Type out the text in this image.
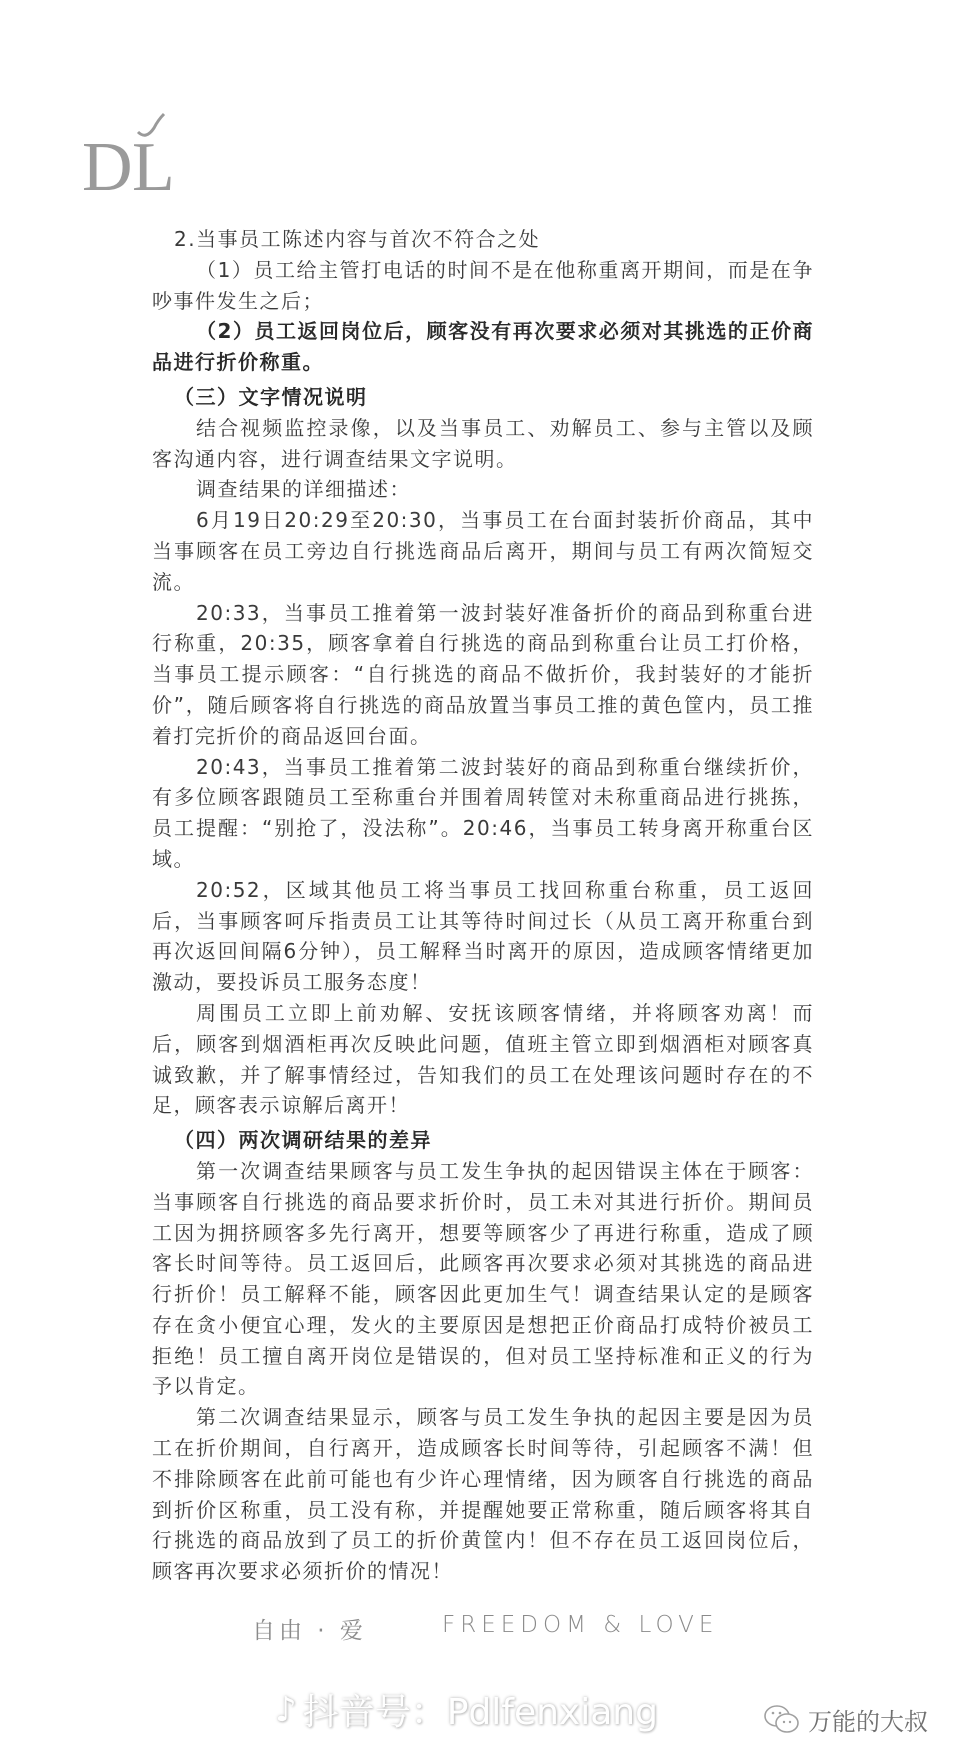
D L

2.当事员工陈述内容与首次不符合之处

（1）员工给主管打电话的时间不是在他称重离开期间，而是在争吵事件发生之后；

（2）员工返回岗位后，顾客没有再次要求必须对其挑选的正价商品进行折价称重。

（三）文字情况说明

结合视频监控录像，以及当事员工、劝解员工、参与主管以及顾客沟通内容，进行调查结果文字说明。

调查结果的详细描述：

6月19日20:29至20:30，当事员工在台面封装折价商品，其中当事顾客在员工旁边自行挑选商品后离开，期间与员工有两次简短交流。

20:33，当事员工推着第一波封装好准备折价的商品到称重台进行称重，20:35，顾客拿着自行挑选的商品到称重台让员工打价格，当事员工提示顾客：“自行挑选的商品不做折价，我封装好的才能折价”，随后顾客将自行挑选的商品放置当事员工推的黄色筐内，员工推着打完折价的商品返回台面。

20:43，当事员工推着第二波封装好的商品到称重台继续折价，有多位顾客跟随员工至称重台并围着周转筐对未称重商品进行挑拣，员工提醒：“别抢了，没法称”。20:46，当事员工转身离开称重台区域。

20:52，区域其他员工将当事员工找回称重台称重，员工返回后，当事顾客呵斥指责员工让其等待时间过长（从员工离开称重台到再次返回间隔6分钟），员工解释当时离开的原因，造成顾客情绪更加激动，要投诉员工服务态度！

周围员工立即上前劝解、安抚该顾客情绪，并将顾客劝离！而后，顾客到烟酒柜再次反映此问题，值班主管立即到烟酒柜对顾客真诚致歉，并了解事情经过，告知我们的员工在处理该问题时存在的不足，顾客表示谅解后离开！

（四）两次调研结果的差异

第一次调查结果顾客与员工发生争执的起因错误主体在于顾客：当事顾客自行挑选的商品要求折价时，员工未对其进行折价。期间员工因为拥挤顾客多先行离开，想要等顾客少了再进行称重，造成了顾客长时间等待。员工返回后，此顾客再次要求必须对其挑选的商品进行折价！员工解释不能，顾客因此更加生气！调查结果认定的是顾客存在贪小便宜心理，发火的主要原因是想把正价商品打成特价被员工拒绝！员工擅自离开岗位是错误的，但对员工坚持标准和正义的行为予以肯定。

第二次调查结果显示，顾客与员工发生争执的起因主要是因为员工在折价期间，自行离开，造成顾客长时间等待，引起顾客不满！但不排除顾客在此前可能也有少许心理情绪，因为顾客自行挑选的商品到折价区称重，员工没有称，并提醒她要正常称重，随后顾客将其自行挑选的商品放到了员工的折价黄筐内！但不存在员工返回岗位后，顾客再次要求必须折价的情况！

自由 · 爱	FREEDOM & LOVE
♪ 抖音号：Pdlfenxiang	万能的大叔
